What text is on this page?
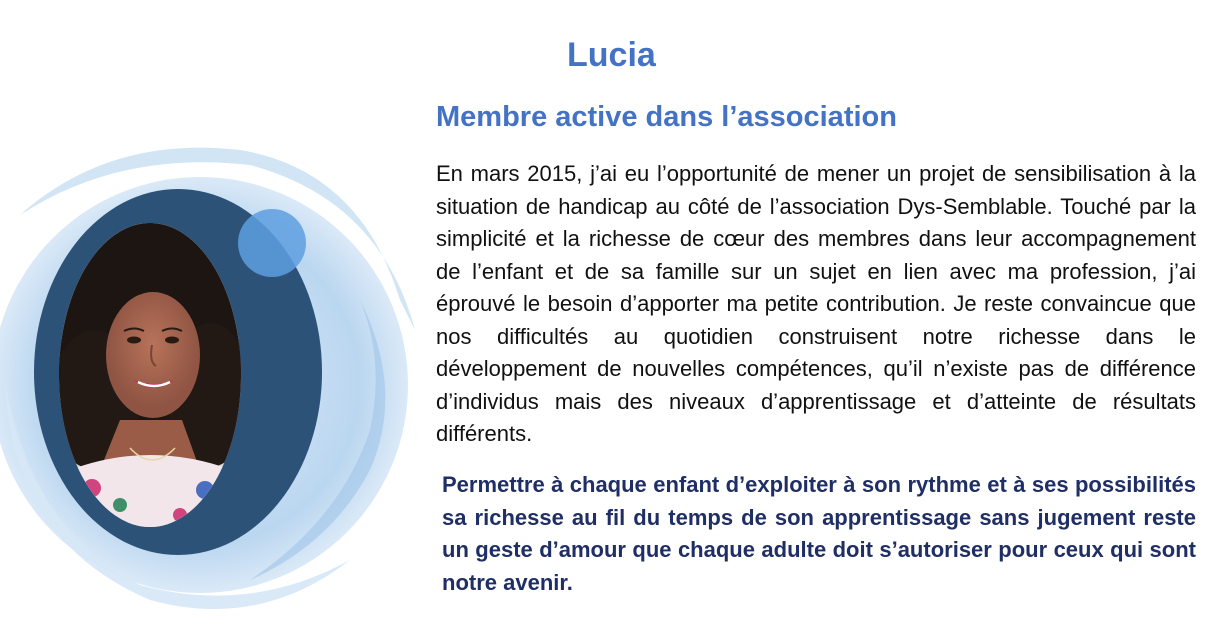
Lucia
Membre active dans l’association

En mars 2015, j’ai eu l’opportunité de mener un projet de sensibilisation à la situation de handicap au côté de l’association Dys-Semblable. Touché par la simplicité et la richesse de cœur des membres dans leur accompagnement de l’enfant et de sa famille sur un sujet en lien avec ma profession, j’ai éprouvé le besoin d’apporter ma petite contribution. Je reste convaincue que nos difficultés au quotidien construisent notre richesse dans le développement de nouvelles compétences, qu’il n’existe pas de différence d’individus mais des niveaux d’apprentissage et d’atteinte de résultats différents.

Permettre à chaque enfant d’exploiter à son rythme et à ses possibilités sa richesse au fil du temps de son apprentissage sans jugement reste un geste d’amour que chaque adulte doit s’autoriser pour ceux qui sont notre avenir.
